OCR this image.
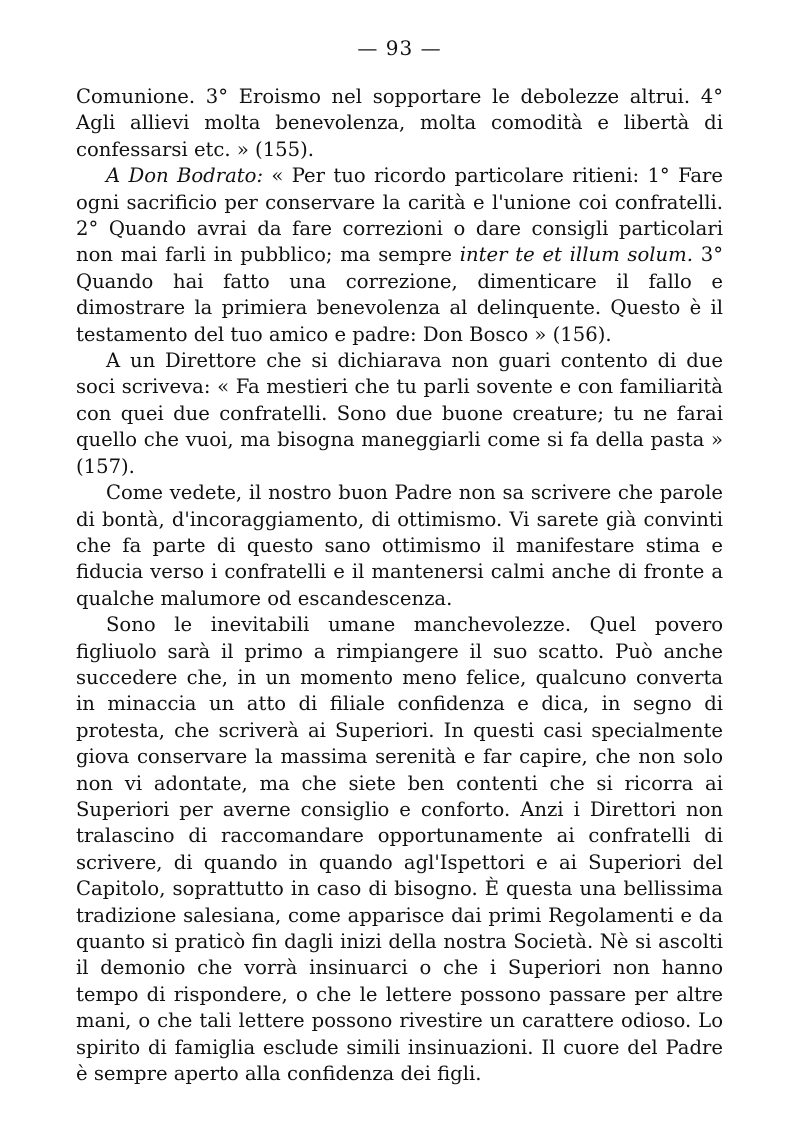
— 93 —

Comunione. 3° Eroismo nel sopportare le debolezze altrui. 4° Agli allievi molta benevolenza, molta comodità e libertà di confessarsi etc. » (155).

A Don Bodrato: « Per tuo ricordo particolare ritieni: 1° Fare ogni sacrificio per conservare la carità e l'unione coi confratelli. 2° Quando avrai da fare correzioni o dare consigli particolari non mai farli in pubblico; ma sempre inter te et illum solum. 3° Quando hai fatto una correzione, dimenticare il fallo e dimostrare la primiera benevolenza al delinquente. Questo è il testamento del tuo amico e padre: Don Bosco » (156).

A un Direttore che si dichiarava non guari contento di due soci scriveva: « Fa mestieri che tu parli sovente e con familiarità con quei due confratelli. Sono due buone creature; tu ne farai quello che vuoi, ma bisogna maneggiarli come si fa della pasta » (157).

Come vedete, il nostro buon Padre non sa scrivere che parole di bontà, d'incoraggiamento, di ottimismo. Vi sarete già convinti che fa parte di questo sano ottimismo il manifestare stima e fiducia verso i confratelli e il mantenersi calmi anche di fronte a qualche malumore od escandescenza.

Sono le inevitabili umane manchevolezze. Quel povero figliuolo sarà il primo a rimpiangere il suo scatto. Può anche succedere che, in un momento meno felice, qualcuno converta in minaccia un atto di filiale confidenza e dica, in segno di protesta, che scriverà ai Superiori. In questi casi specialmente giova conservare la massima serenità e far capire, che non solo non vi adontate, ma che siete ben contenti che si ricorra ai Superiori per averne consiglio e conforto. Anzi i Direttori non tralascino di raccomandare opportunamente ai confratelli di scrivere, di quando in quando agl'Ispettori e ai Superiori del Capitolo, soprattutto in caso di bisogno. È questa una bellissima tradizione salesiana, come apparisce dai primi Regolamenti e da quanto si praticò fin dagli inizi della nostra Società. Nè si ascolti il demonio che vorrà insinuarci o che i Superiori non hanno tempo di rispondere, o che le lettere possono passare per altre mani, o che tali lettere possono rivestire un carattere odioso. Lo spirito di famiglia esclude simili insinuazioni. Il cuore del Padre è sempre aperto alla confidenza dei figli.
